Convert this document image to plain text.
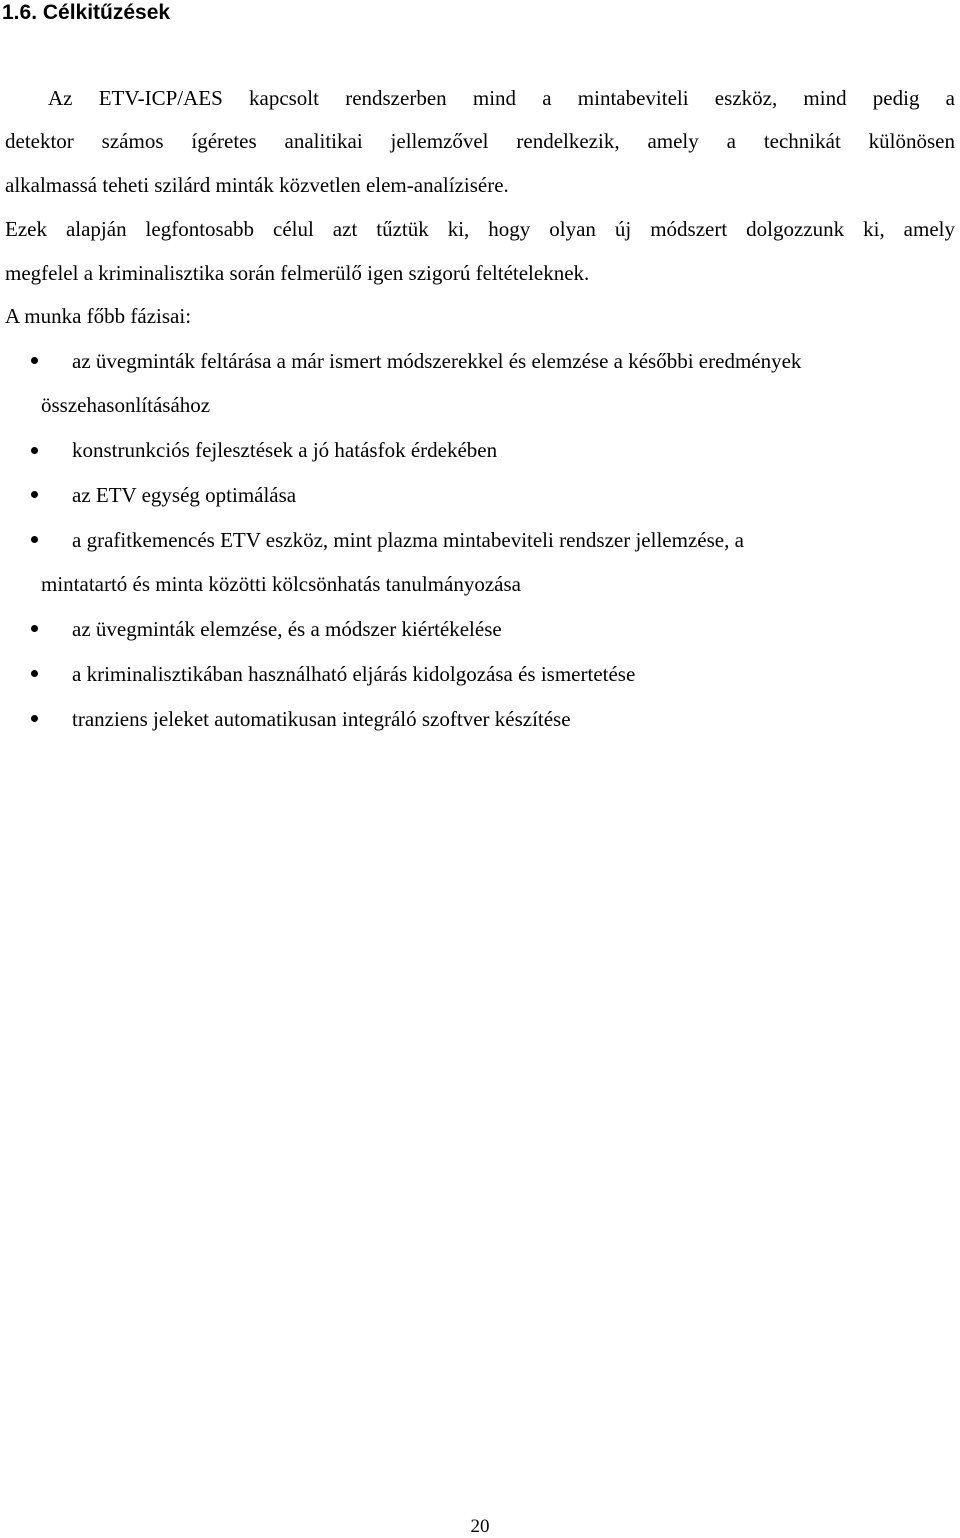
1.6. Célkitűzések
Az ETV-ICP/AES kapcsolt rendszerben mind a mintabeviteli eszköz, mind pedig a
detektor számos ígéretes analitikai jellemzővel rendelkezik, amely a technikát különösen
alkalmassá teheti szilárd minták közvetlen elem-analízisére.
Ezek alapján legfontosabb célul azt tűztük ki, hogy olyan új módszert dolgozzunk ki, amely
megfelel a kriminalisztika során felmerülő igen szigorú feltételeknek.
A munka főbb fázisai:
az üvegminták feltárása a már ismert módszerekkel és elemzése a későbbi eredmények
összehasonlításához
konstrunkciós fejlesztések a jó hatásfok érdekében
az ETV egység optimálása
a grafitkemencés ETV eszköz, mint plazma mintabeviteli rendszer jellemzése, a
mintatartó és minta közötti kölcsönhatás tanulmányozása
az üvegminták elemzése, és a módszer kiértékelése
a kriminalisztikában használható eljárás kidolgozása és ismertetése
tranziens jeleket automatikusan integráló szoftver készítése
20
